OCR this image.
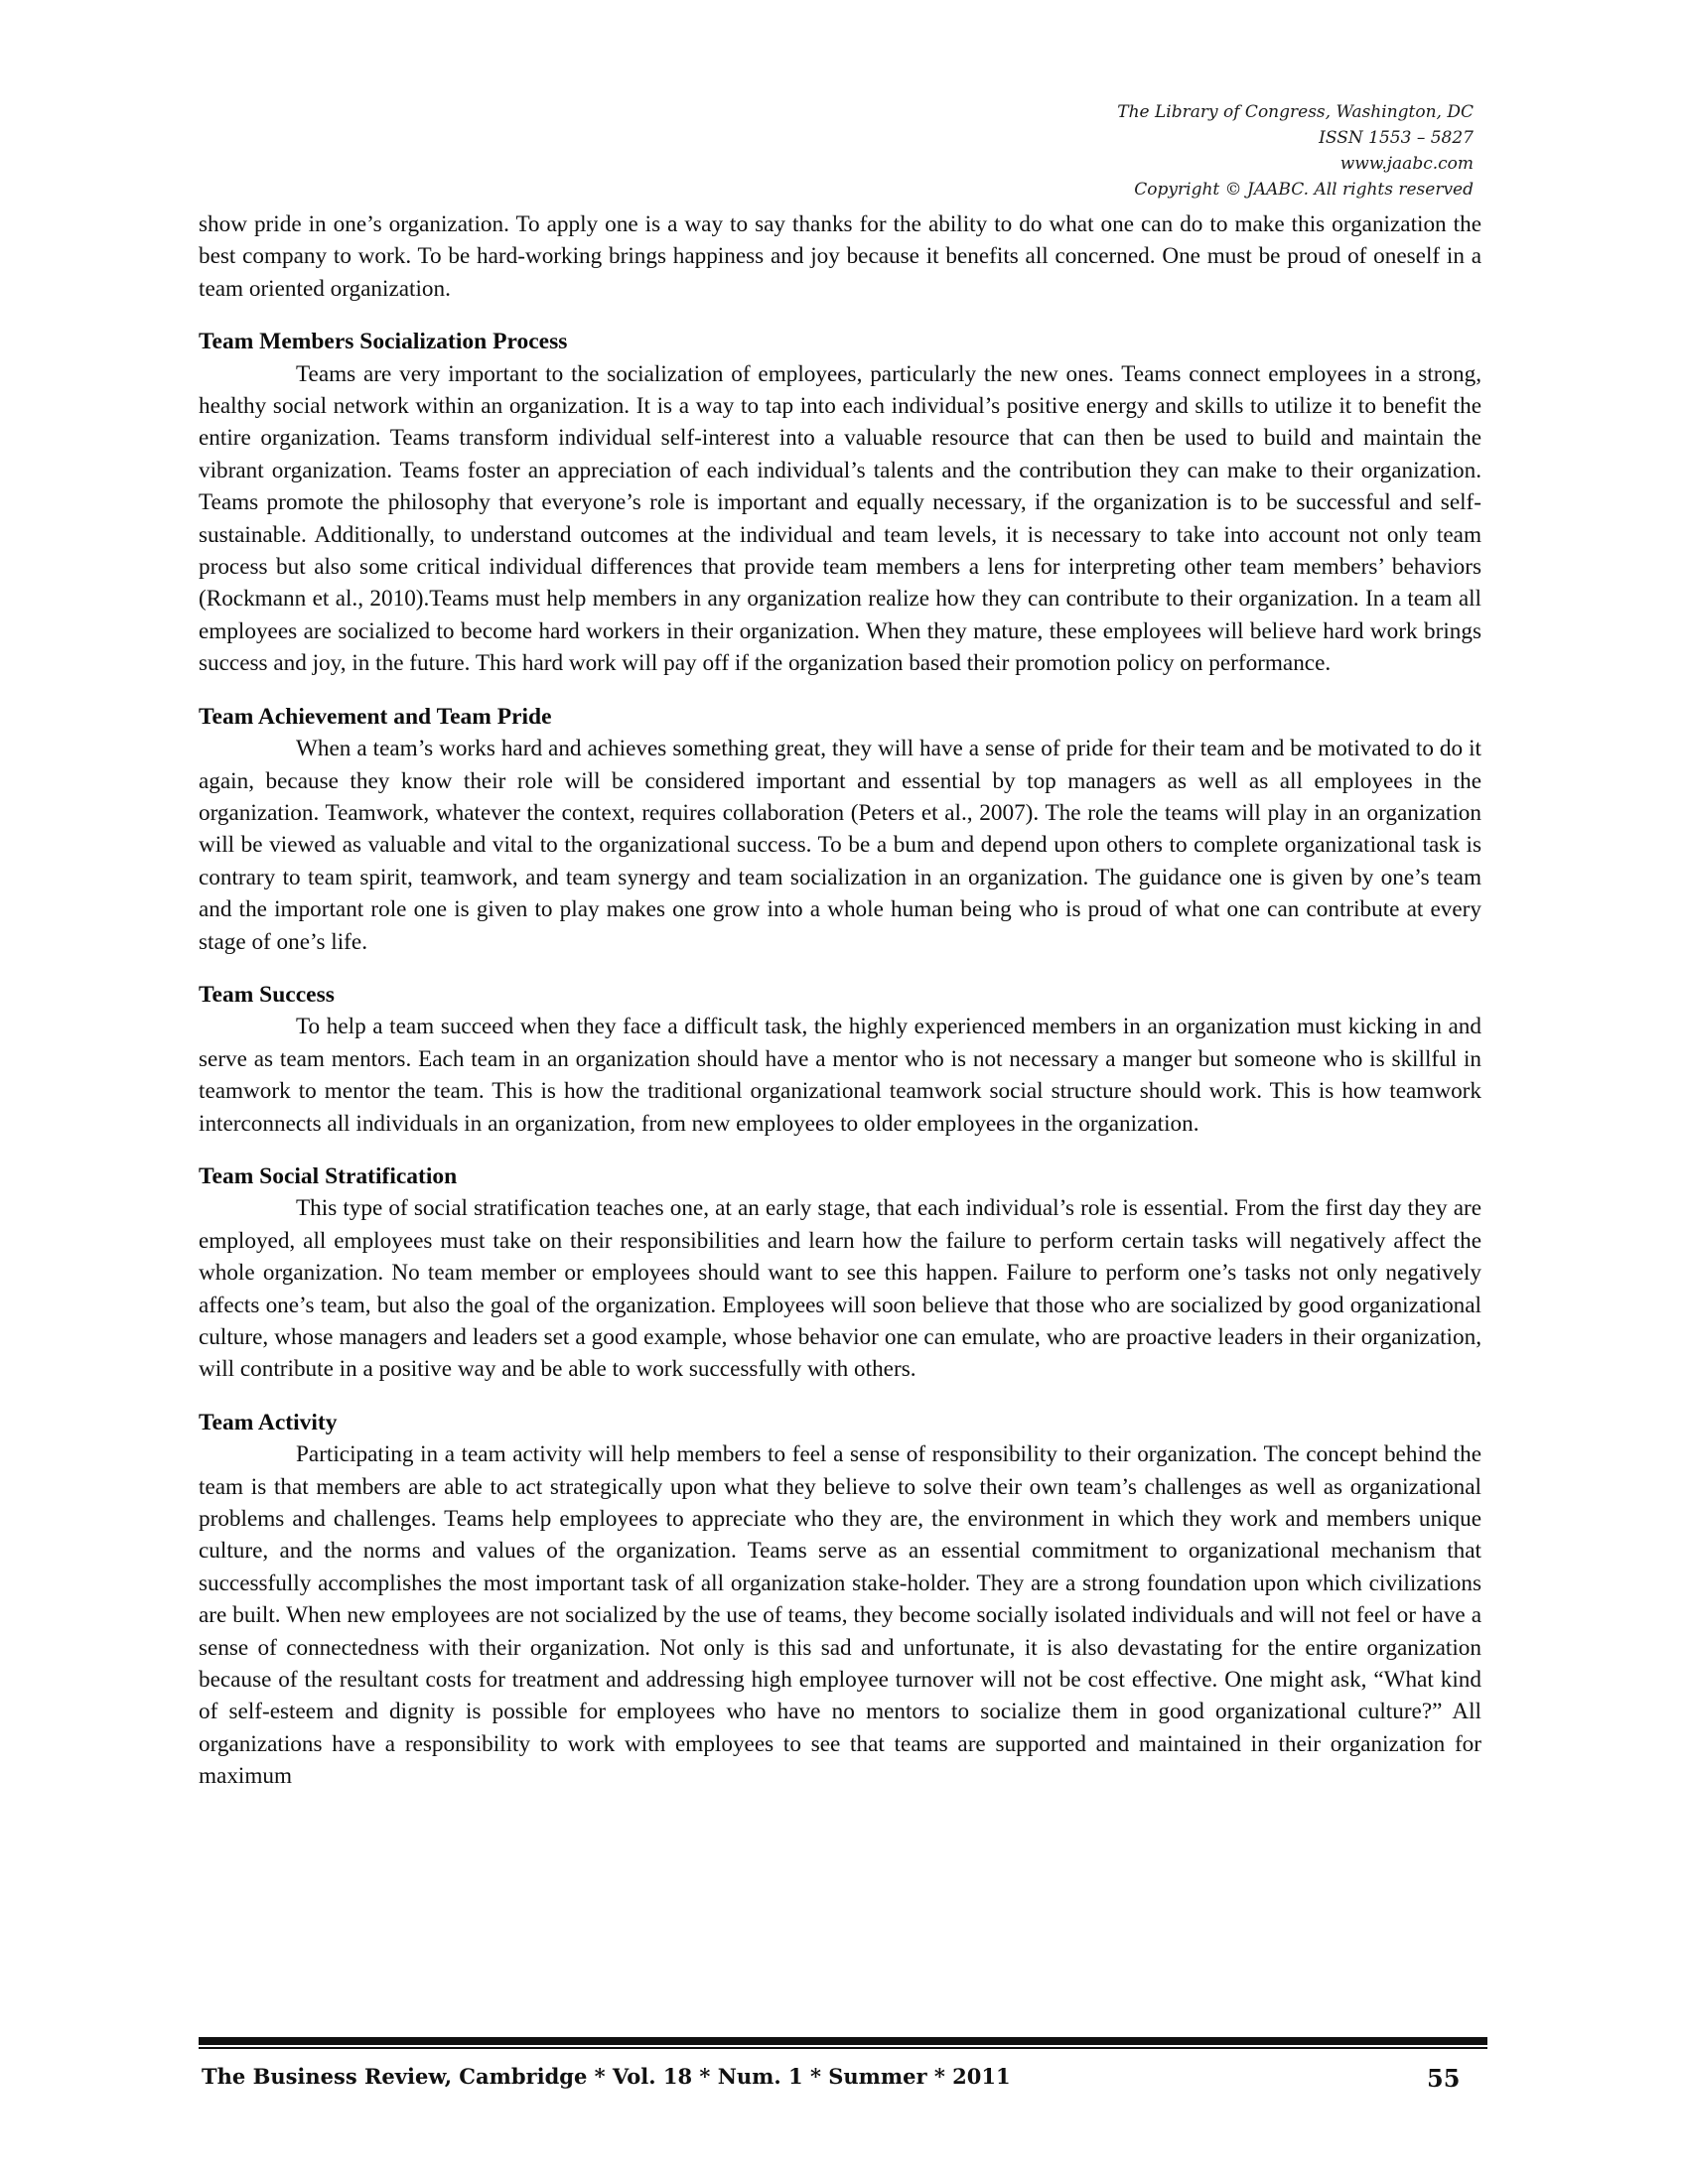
The Library of Congress, Washington, DC
ISSN 1553 – 5827
www.jaabc.com
Copyright © JAABC. All rights reserved

show pride in one’s organization. To apply one is a way to say thanks for the ability to do what one can do to make this organization the best company to work. To be hard-working brings happiness and joy because it benefits all concerned. One must be proud of oneself in a team oriented organization.

Team Members Socialization Process

Teams are very important to the socialization of employees, particularly the new ones. Teams connect employees in a strong, healthy social network within an organization. It is a way to tap into each individual’s positive energy and skills to utilize it to benefit the entire organization. Teams transform individual self-interest into a valuable resource that can then be used to build and maintain the vibrant organization. Teams foster an appreciation of each individual’s talents and the contribution they can make to their organization. Teams promote the philosophy that everyone’s role is important and equally necessary, if the organization is to be successful and self-sustainable. Additionally, to understand outcomes at the individual and team levels, it is necessary to take into account not only team process but also some critical individual differences that provide team members a lens for interpreting other team members’ behaviors (Rockmann et al., 2010).Teams must help members in any organization realize how they can contribute to their organization. In a team all employees are socialized to become hard workers in their organization. When they mature, these employees will believe hard work brings success and joy, in the future. This hard work will pay off if the organization based their promotion policy on performance.

Team Achievement and Team Pride

When a team’s works hard and achieves something great, they will have a sense of pride for their team and be motivated to do it again, because they know their role will be considered important and essential by top managers as well as all employees in the organization. Teamwork, whatever the context, requires collaboration (Peters et al., 2007). The role the teams will play in an organization will be viewed as valuable and vital to the organizational success. To be a bum and depend upon others to complete organizational task is contrary to team spirit, teamwork, and team synergy and team socialization in an organization. The guidance one is given by one’s team and the important role one is given to play makes one grow into a whole human being who is proud of what one can contribute at every stage of one’s life.

Team Success

To help a team succeed when they face a difficult task, the highly experienced members in an organization must kicking in and serve as team mentors. Each team in an organization should have a mentor who is not necessary a manger but someone who is skillful in teamwork to mentor the team. This is how the traditional organizational teamwork social structure should work. This is how teamwork interconnects all individuals in an organization, from new employees to older employees in the organization.

Team Social Stratification

This type of social stratification teaches one, at an early stage, that each individual’s role is essential. From the first day they are employed, all employees must take on their responsibilities and learn how the failure to perform certain tasks will negatively affect the whole organization. No team member or employees should want to see this happen. Failure to perform one’s tasks not only negatively affects one’s team, but also the goal of the organization. Employees will soon believe that those who are socialized by good organizational culture, whose managers and leaders set a good example, whose behavior one can emulate, who are proactive leaders in their organization, will contribute in a positive way and be able to work successfully with others.

Team Activity

Participating in a team activity will help members to feel a sense of responsibility to their organization. The concept behind the team is that members are able to act strategically upon what they believe to solve their own team’s challenges as well as organizational problems and challenges. Teams help employees to appreciate who they are, the environment in which they work and members unique culture, and the norms and values of the organization. Teams serve as an essential commitment to organizational mechanism that successfully accomplishes the most important task of all organization stake-holder. They are a strong foundation upon which civilizations are built. When new employees are not socialized by the use of teams, they become socially isolated individuals and will not feel or have a sense of connectedness with their organization. Not only is this sad and unfortunate, it is also devastating for the entire organization because of the resultant costs for treatment and addressing high employee turnover will not be cost effective. One might ask, “What kind of self-esteem and dignity is possible for employees who have no mentors to socialize them in good organizational culture?” All organizations have a responsibility to work with employees to see that teams are supported and maintained in their organization for maximum

The Business Review, Cambridge * Vol. 18 * Num. 1 * Summer * 2011	55
